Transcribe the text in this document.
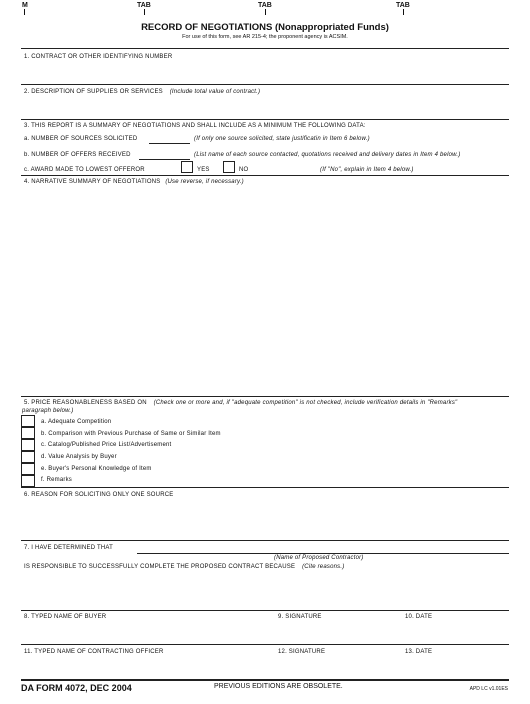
M	TAB	TAB	TAB
RECORD OF NEGOTIATIONS (Nonappropriated Funds)
For use of this form, see AR 215-4; the proponent agency is ACSIM.
1. CONTRACT OR OTHER IDENTIFYING NUMBER
2. DESCRIPTION OF SUPPLIES OR SERVICES (Include total value of contract.)
3. THIS REPORT IS A SUMMARY OF NEGOTIATIONS AND SHALL INCLUDE AS A MINIMUM THE FOLLOWING DATA:
a. NUMBER OF SOURCES SOLICITED	(If only one source solicited, state justificatin in Item 6 below.)
b. NUMBER OF OFFERS RECEIVED	(List name of each source contacted, quotations received and delivery dates in Item 4 below.)
c. AWARD MADE TO LOWEST OFFEROR	YES	NO	(If "No", explain in Item 4 below.)
4. NARRATIVE SUMMARY OF NEGOTIATIONS (Use reverse, if necessary.)
5. PRICE REASONABLENESS BASED ON (Check one or more and, if "adequate competition" is not checked, include verification details in "Remarks"
paragraph below.)
a. Adequate Competition
b. Comparison with Previous Purchase of Same or Similar Item
c. Catalog/Published Price List/Advertisement
d. Value Analysis by Buyer
e. Buyer's Personal Knowledge of Item
f. Remarks
6. REASON FOR SOLICITING ONLY ONE SOURCE
7. I HAVE DETERMINED THAT
(Name of Proposed Contractor)
IS RESPONSIBLE TO SUCCESSFULLY COMPLETE THE PROPOSED CONTRACT BECAUSE (Cite reasons.)
8. TYPED NAME OF BUYER	9. SIGNATURE	10. DATE
11. TYPED NAME OF CONTRACTING OFFICER	12. SIGNATURE	13. DATE
DA FORM 4072, DEC 2004	PREVIOUS EDITIONS ARE OBSOLETE.	APD LC v1.01ES
